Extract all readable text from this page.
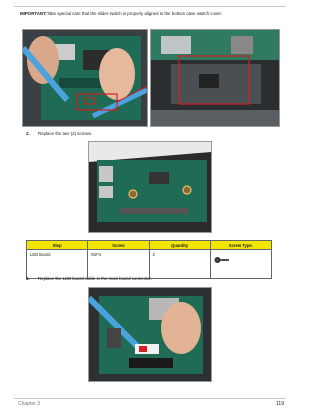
IMPORTANT:Take special care that the slider switch is properly aligned in the bottom case switch cover.
2. Replace the two (2) screws.
Step	Screw	Quantity	Screw Type.
LED Board	M2*4	2	
3. Replace the LED board cable in the main board connector.
Chapter 3	119
